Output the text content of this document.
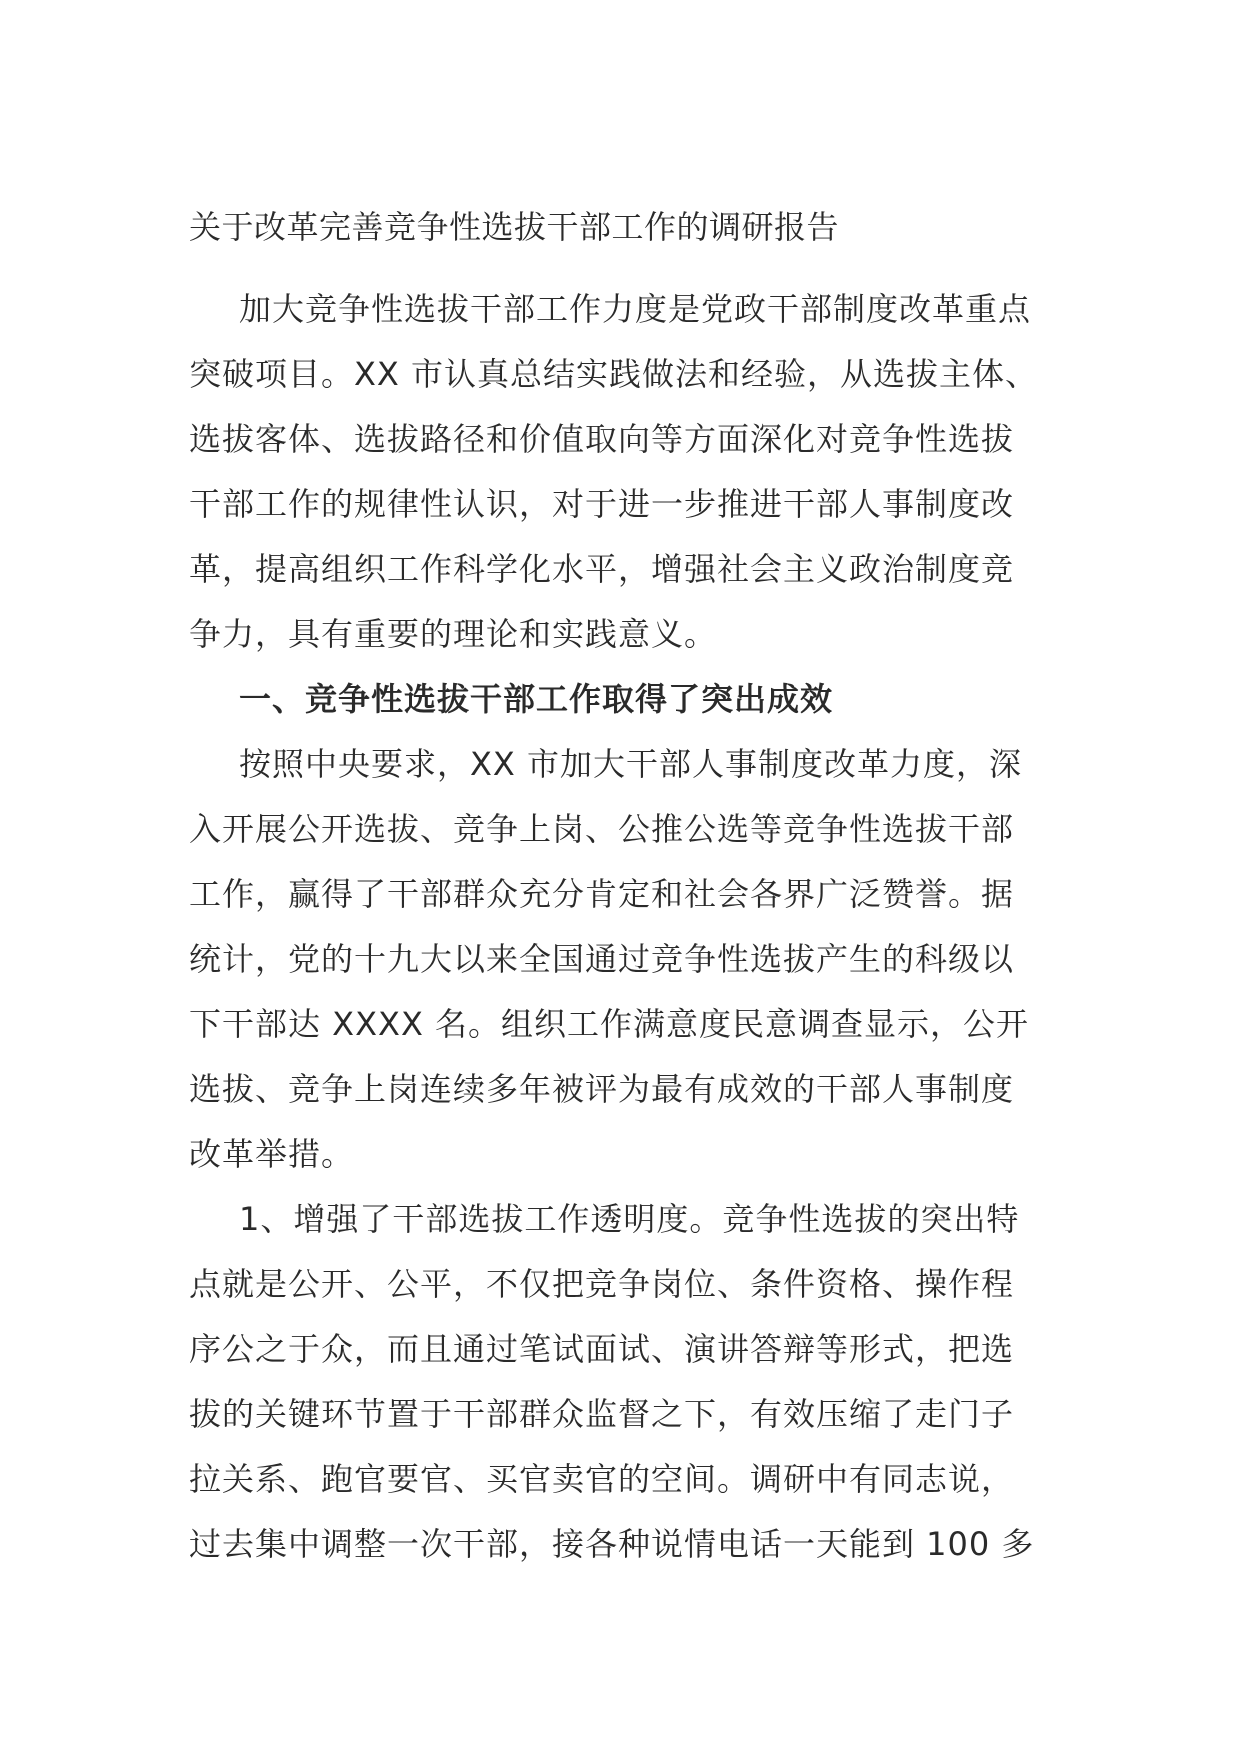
关于改革完善竞争性选拔干部工作的调研报告

加大竞争性选拔干部工作力度是党政干部制度改革重点

突破项目。XX 市认真总结实践做法和经验，从选拔主体、

选拔客体、选拔路径和价值取向等方面深化对竞争性选拔

干部工作的规律性认识，对于进一步推进干部人事制度改

革，提高组织工作科学化水平，增强社会主义政治制度竞

争力，具有重要的理论和实践意义。

一、竞争性选拔干部工作取得了突出成效

按照中央要求，XX 市加大干部人事制度改革力度，深

入开展公开选拔、竞争上岗、公推公选等竞争性选拔干部

工作，赢得了干部群众充分肯定和社会各界广泛赞誉。据

统计，党的十九大以来全国通过竞争性选拔产生的科级以

下干部达 XXXX 名。组织工作满意度民意调查显示，公开

选拔、竞争上岗连续多年被评为最有成效的干部人事制度

改革举措。

1、增强了干部选拔工作透明度。竞争性选拔的突出特

点就是公开、公平，不仅把竞争岗位、条件资格、操作程

序公之于众，而且通过笔试面试、演讲答辩等形式，把选

拔的关键环节置于干部群众监督之下，有效压缩了走门子

拉关系、跑官要官、买官卖官的空间。调研中有同志说，

过去集中调整一次干部，接各种说情电话一天能到 100 多
